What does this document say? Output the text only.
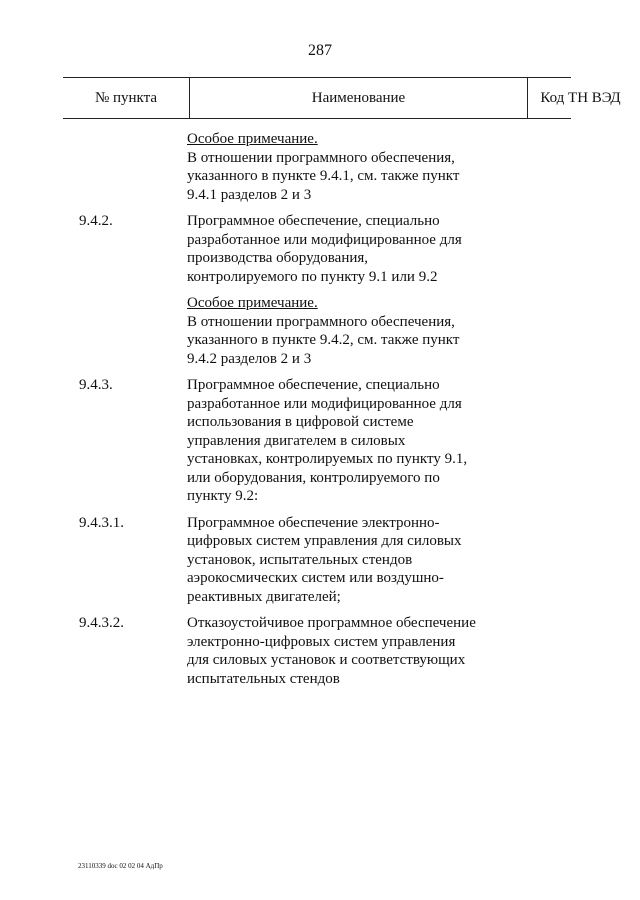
287
№ пункта	Наименование	Код ТН ВЭД
Особое примечание.
В отношении программного обеспечения, указанного в пункте 9.4.1, см. также пункт 9.4.1 разделов 2 и 3
9.4.2.	Программное обеспечение, специально разработанное или модифицированное для производства оборудования, контролируемого по пункту 9.1 или 9.2
Особое примечание.
В отношении программного обеспечения, указанного в пункте 9.4.2, см. также пункт 9.4.2 разделов 2 и 3
9.4.3.	Программное обеспечение, специально разработанное или модифицированное для использования в цифровой системе управления двигателем в силовых установках, контролируемых по пункту 9.1, или оборудования, контролируемого по пункту 9.2:
9.4.3.1.	Программное обеспечение электронно-цифровых систем управления для силовых установок, испытательных стендов аэрокосмических систем или воздушно-реактивных двигателей;
9.4.3.2.	Отказоустойчивое программное обеспечение электронно-цифровых систем управления для силовых установок и соответствующих испытательных стендов
23110339 doc 02 02 04 АдПр
